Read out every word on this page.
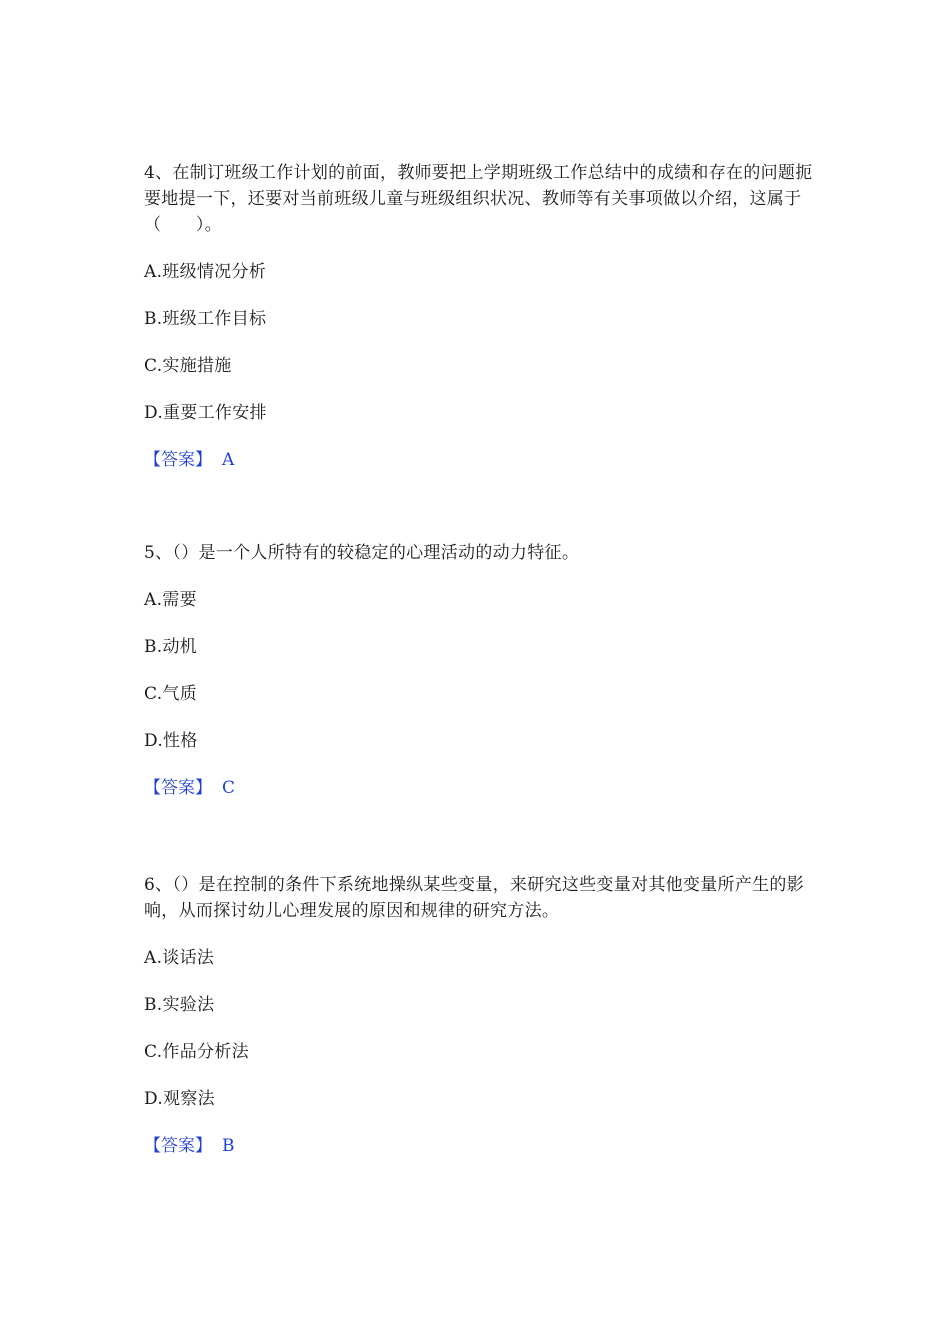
4、在制订班级工作计划的前面，教师要把上学期班级工作总结中的成绩和存在的问题扼要地提一下，还要对当前班级儿童与班级组织状况、教师等有关事项做以介绍，这属于（　　）。

A.班级情况分析

B.班级工作目标

C.实施措施

D.重要工作安排

【答案】 A

5、（）是一个人所特有的较稳定的心理活动的动力特征。

A.需要

B.动机

C.气质

D.性格

【答案】 C

6、（）是在控制的条件下系统地操纵某些变量，来研究这些变量对其他变量所产生的影响，从而探讨幼儿心理发展的原因和规律的研究方法。

A.谈话法

B.实验法

C.作品分析法

D.观察法

【答案】 B
